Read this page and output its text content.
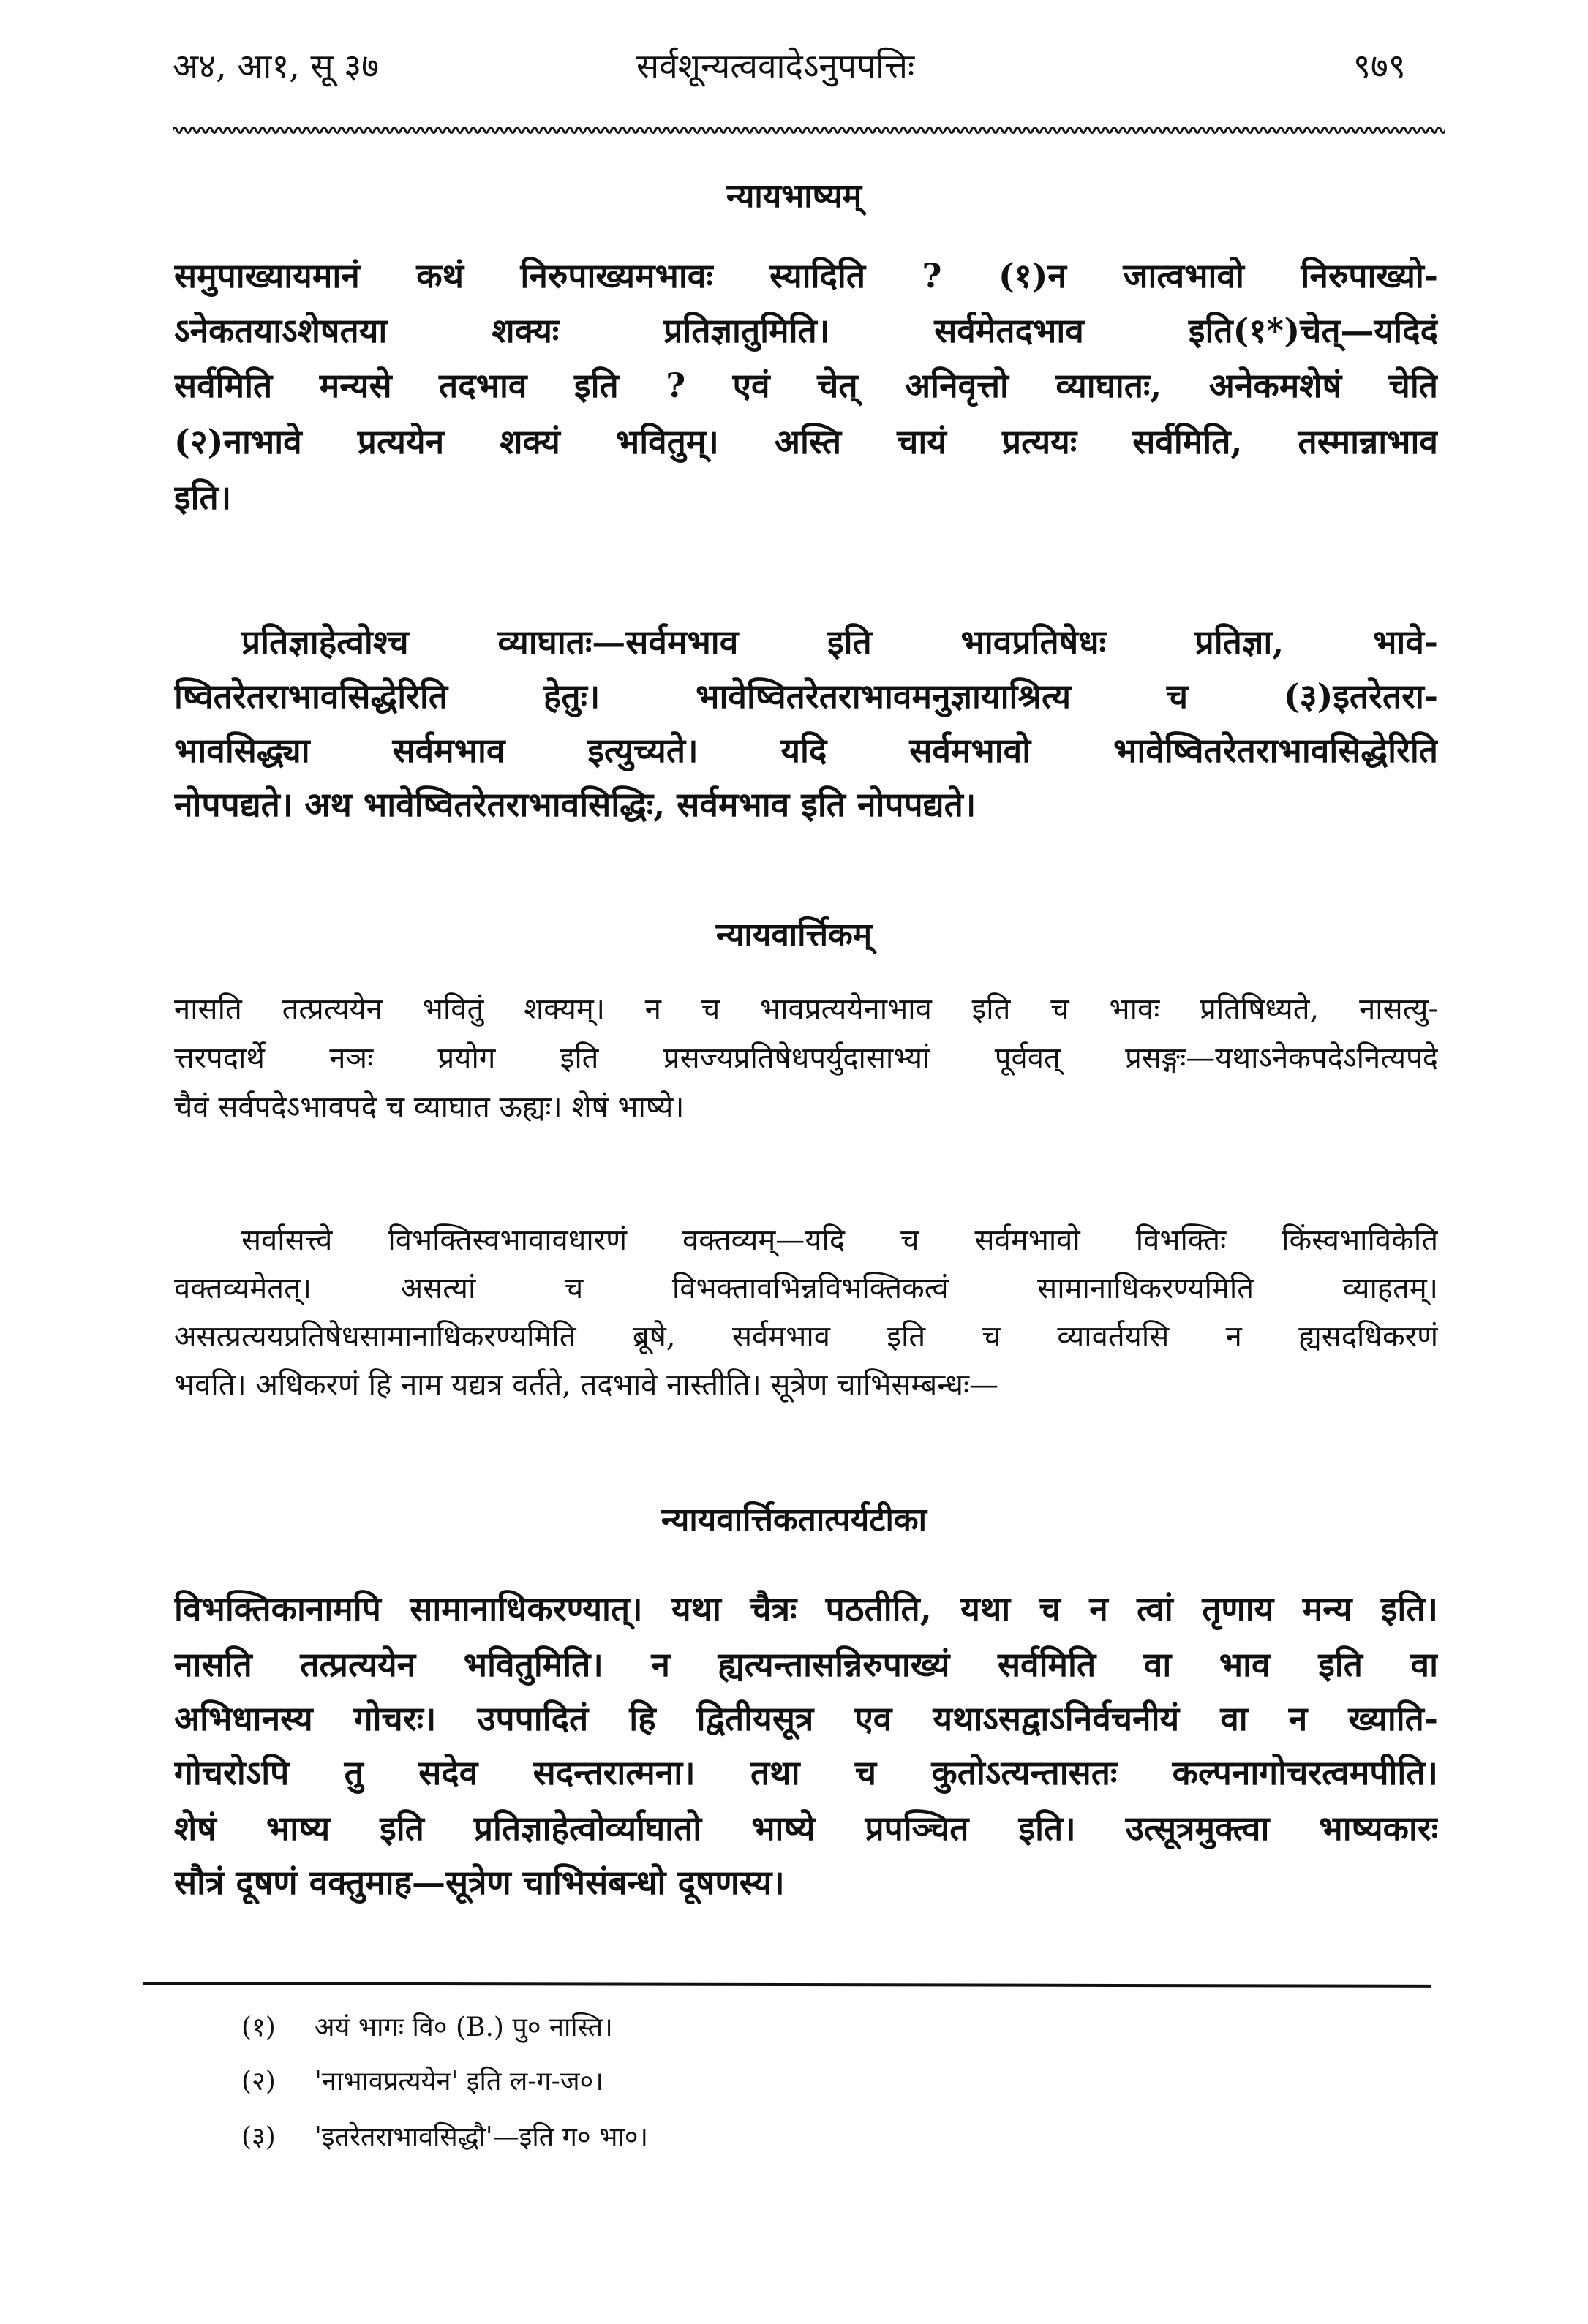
अ४, आ१, सू ३७	सर्वशून्यत्ववादेऽनुपपत्तिः	९७९
न्यायभाष्यम्
समुपाख्यायमानं कथं निरुपाख्यमभावः स्यादिति ? (१)न जात्वभावो निरुपाख्यो-
ऽनेकतयाऽशेषतया शक्यः प्रतिज्ञातुमिति। सर्वमेतदभाव इति(१*)चेत्—यदिदं
सर्वमिति मन्यसे तदभाव इति ? एवं चेत् अनिवृत्तो व्याघातः, अनेकमशेषं चेति
(२)नाभावे प्रत्ययेन शक्यं भवितुम्। अस्ति चायं प्रत्ययः सर्वमिति, तस्मान्नाभाव
इति।
प्रतिज्ञाहेत्वोश्च व्याघातः—सर्वमभाव इति भावप्रतिषेधः प्रतिज्ञा, भावे-
ष्वितरेतराभावसिद्धेरिति हेतुः। भावेष्वितरेतराभावमनुज्ञायाश्रित्य च (३)इतरेतरा-
भावसिद्ध्या सर्वमभाव इत्युच्यते। यदि सर्वमभावो भावेष्वितरेतराभावसिद्धेरिति
नोपपद्यते। अथ भावेष्वितरेतराभावसिद्धिः, सर्वमभाव इति नोपपद्यते।
न्यायवार्त्तिकम्
नासति तत्प्रत्ययेन भवितुं शक्यम्। न च भावप्रत्ययेनाभाव इति च भावः प्रतिषिध्यते, नासत्यु-
त्तरपदार्थे नञः प्रयोग इति प्रसज्यप्रतिषेधपर्युदासाभ्यां पूर्ववत् प्रसङ्गः—यथाऽनेकपदेऽनित्यपदे
चैवं सर्वपदेऽभावपदे च व्याघात ऊह्यः। शेषं भाष्ये।
सर्वासत्त्वे विभक्तिस्वभावावधारणं वक्तव्यम्—यदि च सर्वमभावो विभक्तिः किंस्वभाविकेति
वक्तव्यमेतत्। असत्यां च विभक्तावभिन्नविभक्तिकत्वं सामानाधिकरण्यमिति व्याहतम्।
असत्प्रत्ययप्रतिषेधसामानाधिकरण्यमिति ब्रूषे, सर्वमभाव इति च व्यावर्तयसि न ह्यसदधिकरणं
भवति। अधिकरणं हि नाम यद्यत्र वर्तते, तदभावे नास्तीति। सूत्रेण चाभिसम्बन्धः—
न्यायवार्त्तिकतात्पर्यटीका
विभक्तिकानामपि सामानाधिकरण्यात्। यथा चैत्रः पठतीति, यथा च न त्वां तृणाय मन्य इति।
नासति तत्प्रत्ययेन भवितुमिति। न ह्यत्यन्तासन्निरुपाख्यं सर्वमिति वा भाव इति वा
अभिधानस्य गोचरः। उपपादितं हि द्वितीयसूत्र एव यथाऽसद्वाऽनिर्वचनीयं वा न ख्याति-
गोचरोऽपि तु सदेव सदन्तरात्मना। तथा च कुतोऽत्यन्तासतः कल्पनागोचरत्वमपीति।
शेषं भाष्य इति प्रतिज्ञाहेत्वोर्व्याघातो भाष्ये प्रपञ्चित इति। उत्सूत्रमुक्त्वा भाष्यकारः
सौत्रं दूषणं वक्तुमाह—सूत्रेण चाभिसंबन्धो दूषणस्य।
(१) अयं भागः वि० (B.) पु० नास्ति।
(२) 'नाभावप्रत्ययेन' इति ल-ग-ज०।
(३) 'इतरेतराभावसिद्धौ'—इति ग० भा०।
